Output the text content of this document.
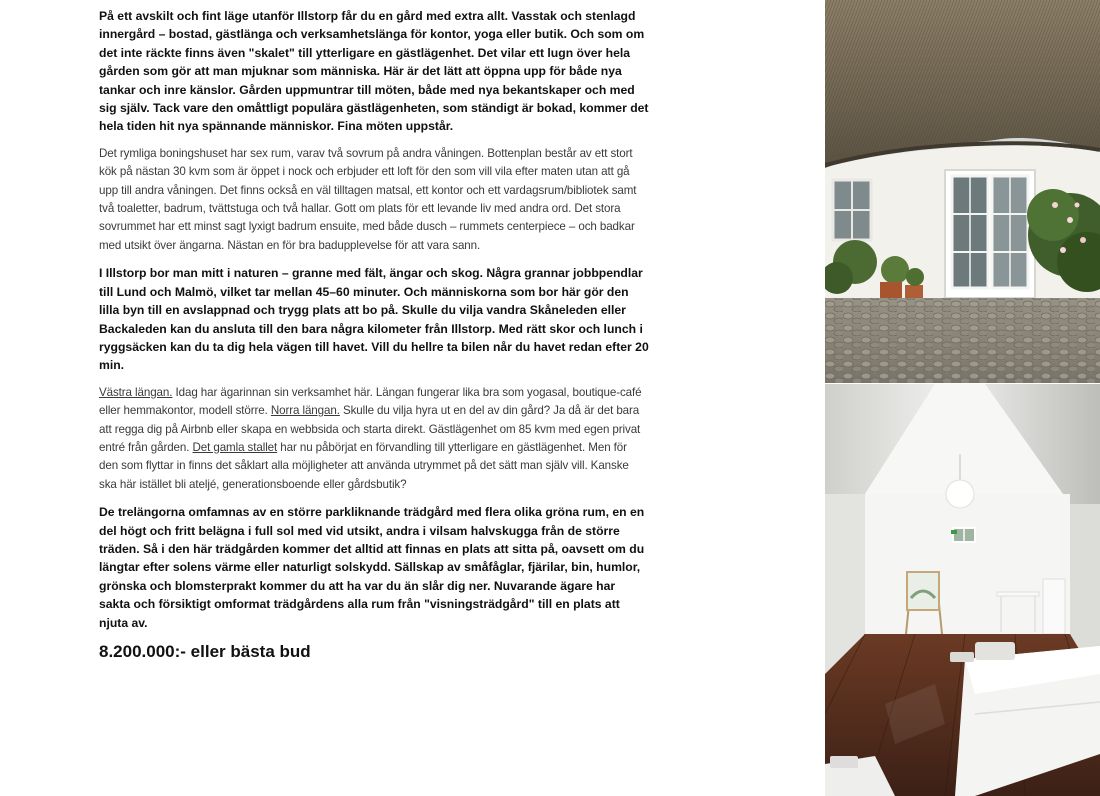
På ett avskilt och fint läge utanför Illstorp får du en gård med extra allt. Vasstak och stenlagd innergård – bostad, gästlänga och verksamhetslänga för kontor, yoga eller butik. Och som om det inte räckte finns även "skalet" till ytterligare en gästlägenhet. Det vilar ett lugn över hela gården som gör att man mjuknar som människa. Här är det lätt att öppna upp för både nya tankar och inre känslor. Gården uppmuntrar till möten, både med nya bekantskaper och med sig själv. Tack vare den omåttligt populära gästlägenheten, som ständigt är bokad, kommer det hela tiden hit nya spännande människor. Fina möten uppstår.

Det rymliga boningshuset har sex rum, varav två sovrum på andra våningen. Bottenplan består av ett stort kök på nästan 30 kvm som är öppet i nock och erbjuder ett loft för den som vill vila efter maten utan att gå upp till andra våningen. Det finns också en väl tilltagen matsal, ett kontor och ett vardagsrum/bibliotek samt två toaletter, badrum, tvättstuga och två hallar. Gott om plats för ett levande liv med andra ord. Det stora sovrummet har ett minst sagt lyxigt badrum ensuite, med både dusch – rummets centerpiece – och badkar med utsikt över ängarna. Nästan en för bra badupplevelse för att vara sann.

I Illstorp bor man mitt i naturen – granne med fält, ängar och skog. Några grannar jobbpendlar till Lund och Malmö, vilket tar mellan 45–60 minuter. Och människorna som bor här gör den lilla byn till en avslappnad och trygg plats att bo på. Skulle du vilja vandra Skåneleden eller Backaleden kan du ansluta till den bara några kilometer från Illstorp. Med rätt skor och lunch i ryggsäcken kan du ta dig hela vägen till havet. Vill du hellre ta bilen når du havet redan efter 20 min.

Västra längan. Idag har ägarinnan sin verksamhet här. Längan fungerar lika bra som yogasal, boutique-café eller hemmakontor, modell större. Norra längan. Skulle du vilja hyra ut en del av din gård? Ja då är det bara att regga dig på Airbnb eller skapa en webbsida och starta direkt. Gästlägenhet om 85 kvm med egen privat entré från gården. Det gamla stallet har nu påbörjat en förvandling till ytterligare en gästlägenhet. Men för den som flyttar in finns det såklart alla möjligheter att använda utrymmet på det sätt man själv vill. Kanske ska här istället bli ateljé, generationsboende eller gårdsbutik?

De trelängorna omfamnas av en större parkliknande trädgård med flera olika gröna rum, en en del högt och fritt belägna i full sol med vid utsikt, andra i vilsam halvskugga från de större träden. Så i den här trädgården kommer det alltid att finnas en plats att sitta på, oavsett om du längtar efter solens värme eller naturligt solskydd. Sällskap av småfåglar, fjärilar, bin, humlor, grönska och blomsterprakt kommer du att ha var du än slår dig ner. Nuvarande ägare har sakta och försiktigt omformat trädgårdens alla rum från "visningsträdgård" till en plats att njuta av.

8.200.000:- eller bästa bud
